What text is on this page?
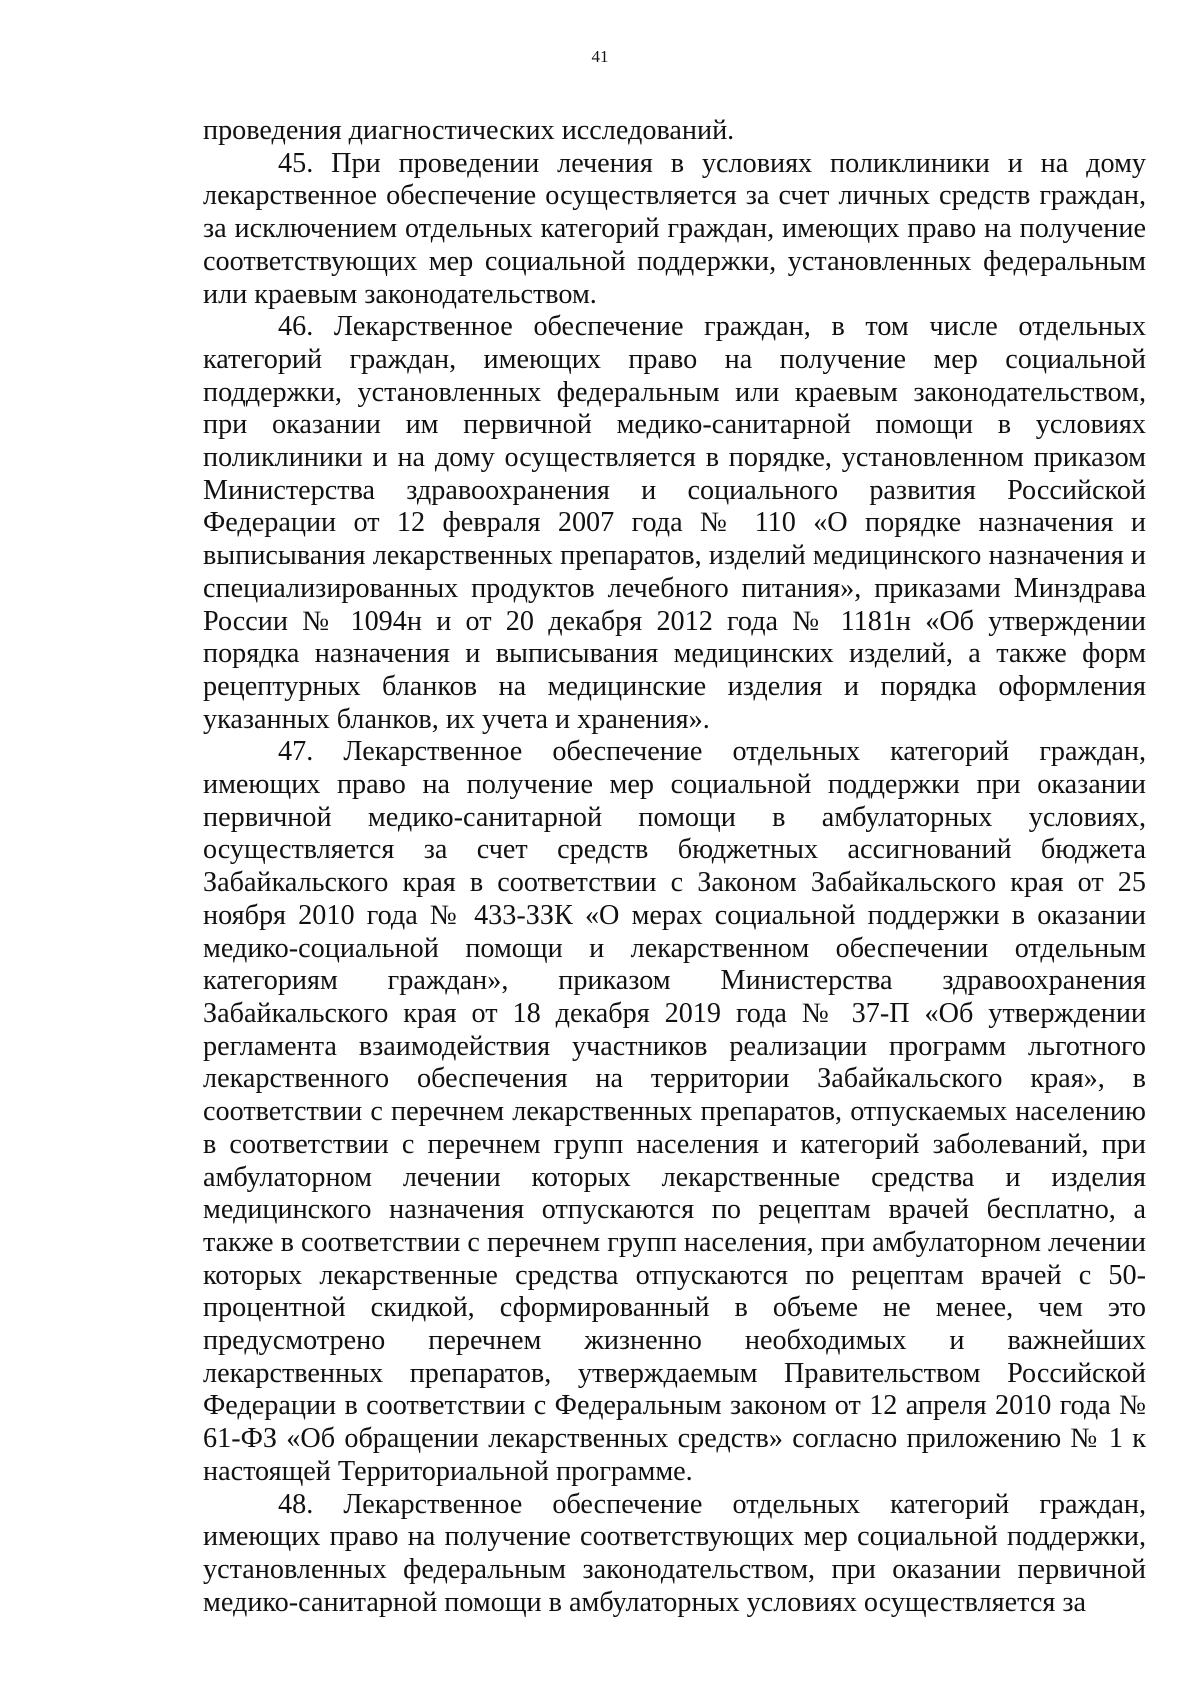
41

проведения диагностических исследований.

45. При проведении лечения в условиях поликлиники и на дому лекарственное обеспечение осуществляется за счет личных средств граждан, за исключением отдельных категорий граждан, имеющих право на получение соответствующих мер социальной поддержки, установленных федеральным или краевым законодательством.

46. Лекарственное обеспечение граждан, в том числе отдельных категорий граждан, имеющих право на получение мер социальной поддержки, установленных федеральным или краевым законодательством, при оказании им первичной медико-санитарной помощи в условиях поликлиники и на дому осуществляется в порядке, установленном приказом Министерства здравоохранения и социального развития Российской Федерации от 12 февраля 2007 года № 110 «О порядке назначения и выписывания лекарственных препаратов, изделий медицинского назначения и специализированных продуктов лечебного питания», приказами Минздрава России № 1094н и от 20 декабря 2012 года № 1181н «Об утверждении порядка назначения и выписывания медицинских изделий, а также форм рецептурных бланков на медицинские изделия и порядка оформления указанных бланков, их учета и хранения».

47. Лекарственное обеспечение отдельных категорий граждан, имеющих право на получение мер социальной поддержки при оказании первичной медико-санитарной помощи в амбулаторных условиях, осуществляется за счет средств бюджетных ассигнований бюджета Забайкальского края в соответствии с Законом Забайкальского края от 25 ноября 2010 года № 433-ЗЗК «О мерах социальной поддержки в оказании медико-социальной помощи и лекарственном обеспечении отдельным категориям граждан», приказом Министерства здравоохранения Забайкальского края от 18 декабря 2019 года № 37-П «Об утверждении регламента взаимодействия участников реализации программ льготного лекарственного обеспечения на территории Забайкальского края», в соответствии с перечнем лекарственных препаратов, отпускаемых населению в соответствии с перечнем групп населения и категорий заболеваний, при амбулаторном лечении которых лекарственные средства и изделия медицинского назначения отпускаются по рецептам врачей бесплатно, а также в соответствии с перечнем групп населения, при амбулаторном лечении которых лекарственные средства отпускаются по рецептам врачей с 50-процентной скидкой, сформированный в объеме не менее, чем это предусмотрено перечнем жизненно необходимых и важнейших лекарственных препаратов, утверждаемым Правительством Российской Федерации в соответствии с Федеральным законом от 12 апреля 2010 года № 61-ФЗ «Об обращении лекарственных средств» согласно приложению № 1 к настоящей Территориальной программе.

48. Лекарственное обеспечение отдельных категорий граждан, имеющих право на получение соответствующих мер социальной поддержки, установленных федеральным законодательством, при оказании первичной медико-санитарной помощи в амбулаторных условиях осуществляется за
